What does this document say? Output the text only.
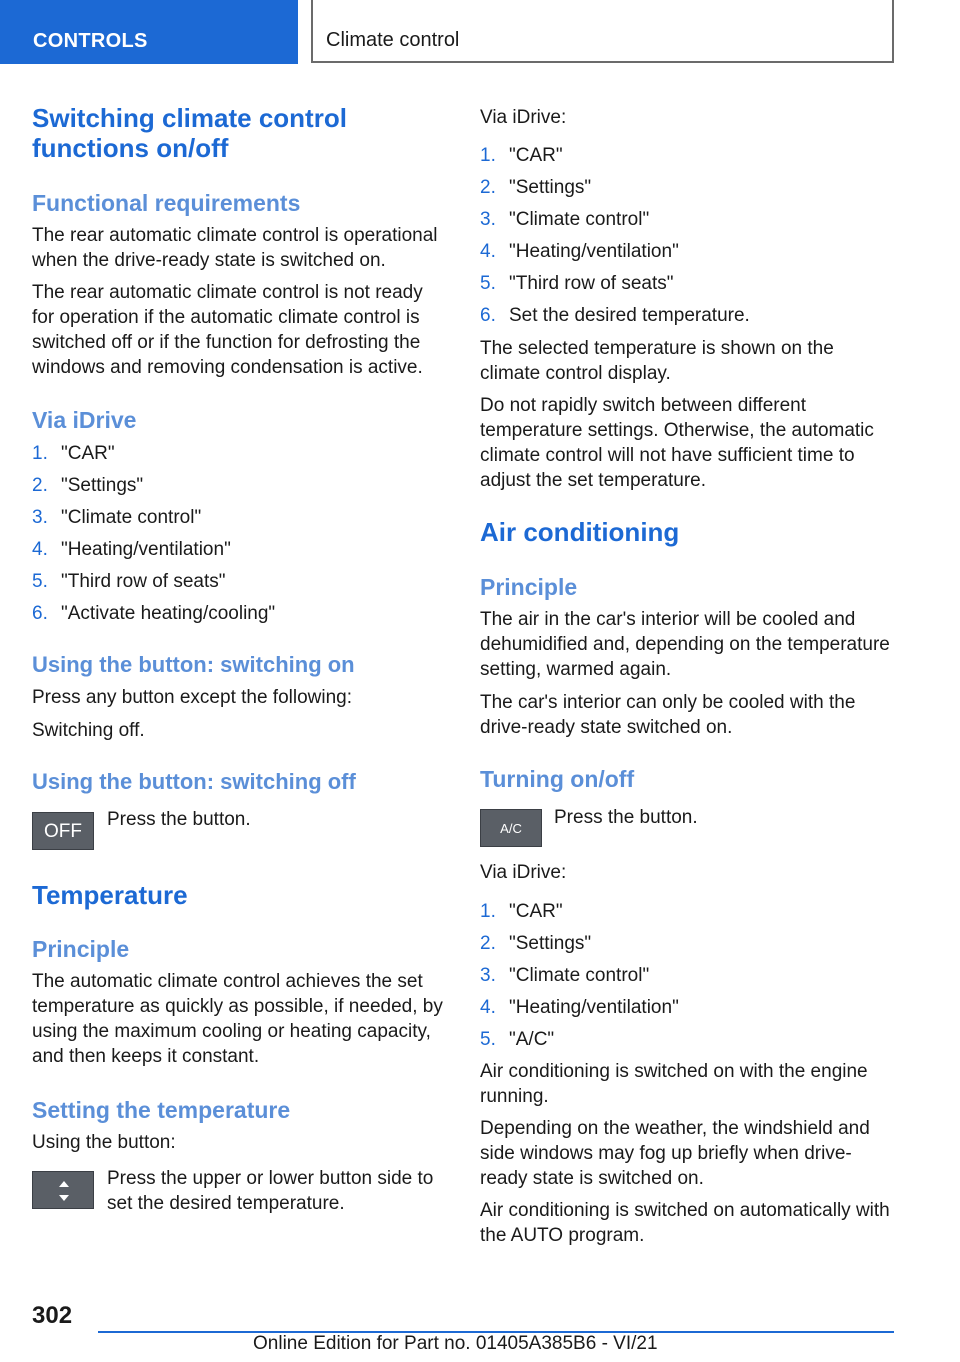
CONTROLS	Climate control
Switching climate control functions on/off
Functional requirements

The rear automatic climate control is operational when the drive-ready state is switched on.

The rear automatic climate control is not ready for operation if the automatic climate control is switched off or if the function for defrosting the windows and removing condensation is active.

Via iDrive
1. "CAR"
2. "Settings"
3. "Climate control"
4. "Heating/ventilation"
5. "Third row of seats"
6. "Activate heating/cooling"
Using the button: switching on

Press any button except the following:

Switching off.

Using the button: switching off
OFF

Press the button.

Temperature
Principle

The automatic climate control achieves the set temperature as quickly as possible, if needed, by using the maximum cooling or heating capacity, and then keeps it constant.

Setting the temperature

Using the button:

Press the upper or lower button side to set the desired temperature.

Via iDrive:

1. "CAR"
2. "Settings"
3. "Climate control"
4. "Heating/ventilation"
5. "Third row of seats"
6. Set the desired temperature.

The selected temperature is shown on the climate control display.

Do not rapidly switch between different temperature settings. Otherwise, the automatic climate control will not have sufficient time to adjust the set temperature.

Air conditioning
Principle

The air in the car's interior will be cooled and dehumidified and, depending on the temperature setting, warmed again.

The car's interior can only be cooled with the drive-ready state switched on.

Turning on/off
A/C

Press the button.

Via iDrive:

1. "CAR"
2. "Settings"
3. "Climate control"
4. "Heating/ventilation"
5. "A/C"

Air conditioning is switched on with the engine running.

Depending on the weather, the windshield and side windows may fog up briefly when drive-ready state is switched on.

Air conditioning is switched on automatically with the AUTO program.

302
Online Edition for Part no. 01405A385B6 - VI/21
